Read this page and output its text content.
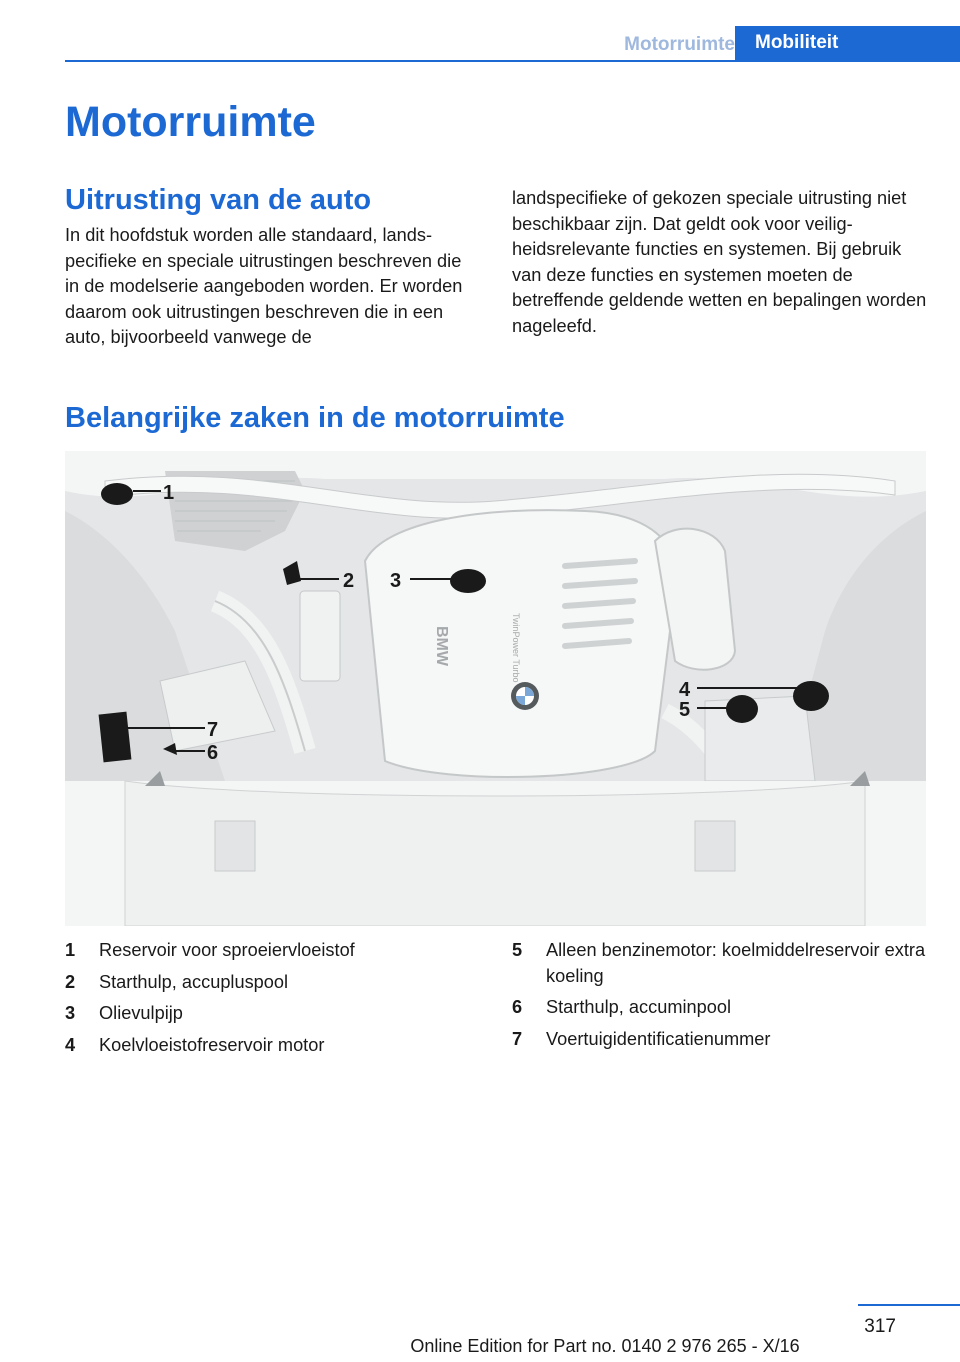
Motorruimte	Mobiliteit
Motorruimte
Uitrusting van de auto

In dit hoofdstuk worden alle standaard, landspecifieke en speciale uitrustingen beschreven die in de modelserie aangeboden worden. Er worden daarom ook uitrustingen beschreven die in een auto, bijvoorbeeld vanwege de

landspecifieke of gekozen speciale uitrusting niet beschikbaar zijn. Dat geldt ook voor veiligheidsrelevante functies en systemen. Bij gebruik van deze functies en systemen moeten de betreffende geldende wetten en bepalingen worden nageleefd.

Belangrijke zaken in de motorruimte
BMW	TwinPower Turbo
1
2 3
4
5
6
7
1 Reservoir voor sproeiervloeistof
2 Starthulp, accupluspool
3 Olievulpijp
4 Koelvloeistofreservoir motor
5 Alleen benzinemotor: koelmiddelreservoir extra koeling
6 Starthulp, accuminpool
7 Voertuigidentificatienummer
317
Online Edition for Part no. 0140 2 976 265 - X/16
